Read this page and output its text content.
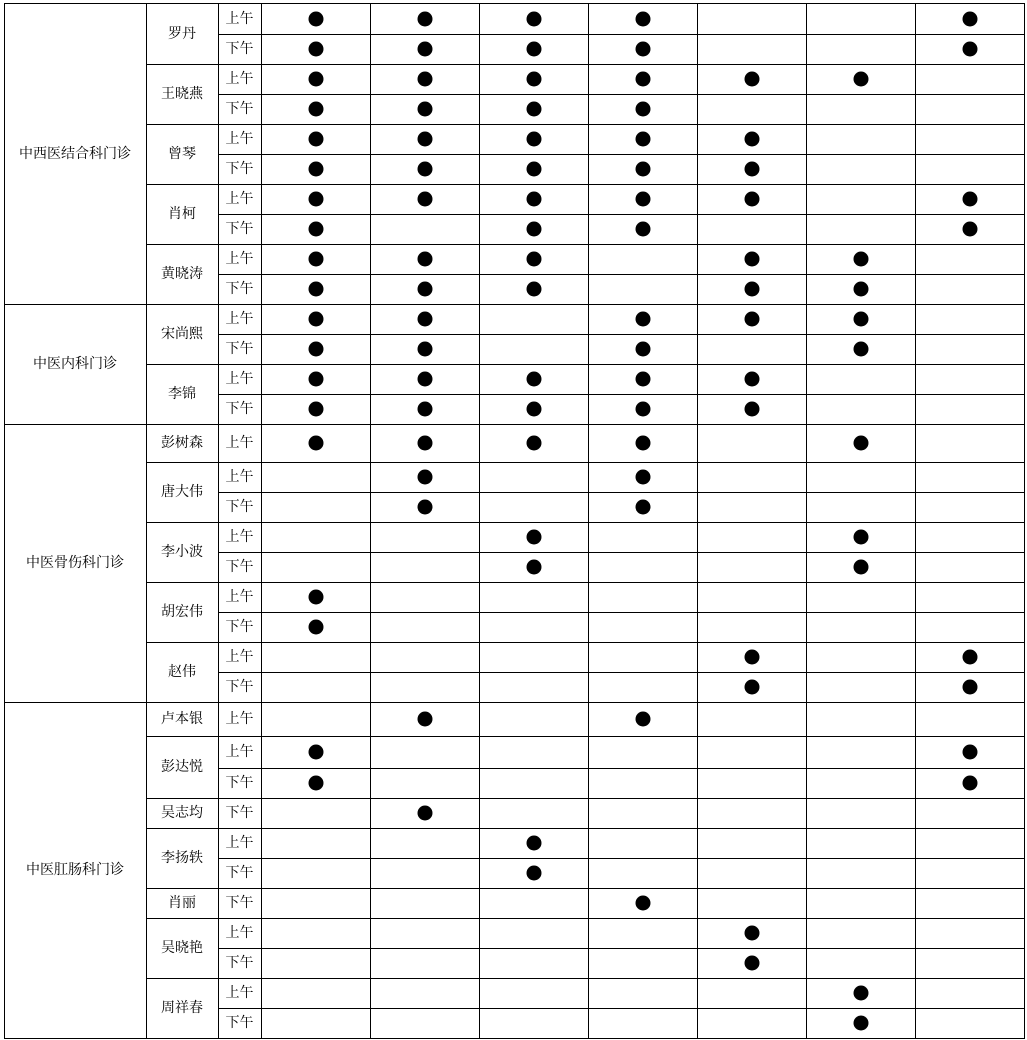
上午
下午
罗丹
上午
下午
王晓燕
上午
下午
曾琴
上午
下午
肖柯
上午
下午
黄晓涛
中西医结合科门诊
上午
下午
宋尚熙
上午
下午
李锦
中医内科门诊
上午
彭树森
上午
下午
唐大伟
上午
下午
李小波
上午
下午
胡宏伟
上午
下午
赵伟
中医骨伤科门诊
上午
卢本银
上午
下午
彭达悦
下午
吴志均
上午
下午
李扬轶
下午
肖丽
上午
下午
吴晓艳
上午
下午
周祥春
中医肛肠科门诊
